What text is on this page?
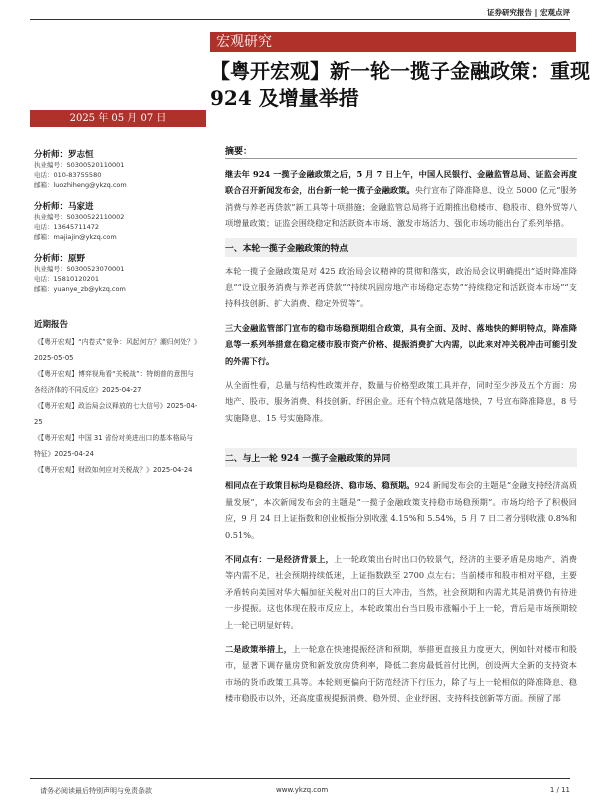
证券研究报告 | 宏观点评
宏观研究
【粤开宏观】新一轮一揽子金融政策：重现 924 及增量举措
2025 年 05 月 07 日
分析师：罗志恒
执业编号：S0300520110001
电话：010-83755580
邮箱：luozhiheng@ykzq.com
分析师：马家进
执业编号：S0300522110002
电话：13645711472
邮箱：majiajin@ykzq.com
分析师：原野
执业编号：S0300523070001
电话：15810120201
邮箱：yuanye_zb@ykzq.com
近期报告
《【粤开宏观】“内卷式”竞争：风起何方？潮归何处？》2025-05-05
《【粤开宏观】博弈视角看“关税战”：特朗普的意图与各经济体的不同反应》2025-04-27
《【粤开宏观】政治局会议释放的七大信号》2025-04-25
《【粤开宏观】中国 31 省份对美进出口的基本格局与特征》2025-04-24
《【粤开宏观】财政如何应对关税战？》2025-04-24
摘要：

继去年 924 一揽子金融政策之后，5 月 7 日上午，中国人民银行、金融监管总局、证监会再度联合召开新闻发布会，出台新一轮一揽子金融政策。央行宣布了降准降息、设立 5000 亿元“服务消费与养老再贷款”新工具等十项措施；金融监管总局将于近期推出稳楼市、稳股市、稳外贸等八项增量政策；证监会围绕稳定和活跃资本市场、激发市场活力、强化市场功能出台了系列举措。

一、本轮一揽子金融政策的特点

本轮一揽子金融政策是对 425 政治局会议精神的贯彻和落实，政治局会议明确提出“适时降准降息”“设立服务消费与养老再贷款”“持续巩固房地产市场稳定态势”“持续稳定和活跃资本市场”“支持科技创新、扩大消费、稳定外贸等”。

三大金融监管部门宣布的稳市场稳预期组合政策，具有全面、及时、落地快的鲜明特点，降准降息等一系列举措意在稳定楼市股市资产价格、提振消费扩大内需，以此来对冲关税冲击可能引发的外需下行。

从全面性看，总量与结构性政策并存，数量与价格型政策工具并存，同时至少涉及五个方面：房地产、股市、服务消费、科技创新、纾困企业。还有个特点就是落地快，7 号宣布降准降息，8 号实施降息、15 号实施降准。

二、与上一轮 924 一揽子金融政策的异同

相同点在于政策目标均是稳经济、稳市场、稳预期。924 新闻发布会的主题是“金融支持经济高质量发展”，本次新闻发布会的主题是“一揽子金融政策支持稳市场稳预期”。市场均给予了积极回应，9 月 24 日上证指数和创业板指分别收涨 4.15%和 5.54%，5 月 7 日二者分别收涨 0.8%和 0.51%。

不同点有：一是经济背景上，上一轮政策出台时出口仍较景气，经济的主要矛盾是房地产、消费等内需不足，社会预期持续低迷，上证指数跌至 2700 点左右；当前楼市和股市相对平稳，主要矛盾转向美国对华大幅加征关税对出口的巨大冲击，当然，社会预期和内需尤其是消费仍有待进一步提振。这也体现在股市反应上，本轮政策出台当日股市涨幅小于上一轮，背后是市场预期较上一轮已明显好转。

二是政策举措上，上一轮意在快速提振经济和预期，举措更直接且力度更大，例如针对楼市和股市，显著下调存量房贷和新发放房贷利率，降低二套房最低首付比例，创设两大全新的支持资本市场的货币政策工具等。本轮则更偏向于防范经济下行压力，除了与上一轮相似的降准降息、稳楼市稳股市以外，还高度重视提振消费、稳外贸、企业纾困、支持科技创新等方面。预留了部

请务必阅读最后特别声明与免责条款	www.ykzq.com	1 / 11
